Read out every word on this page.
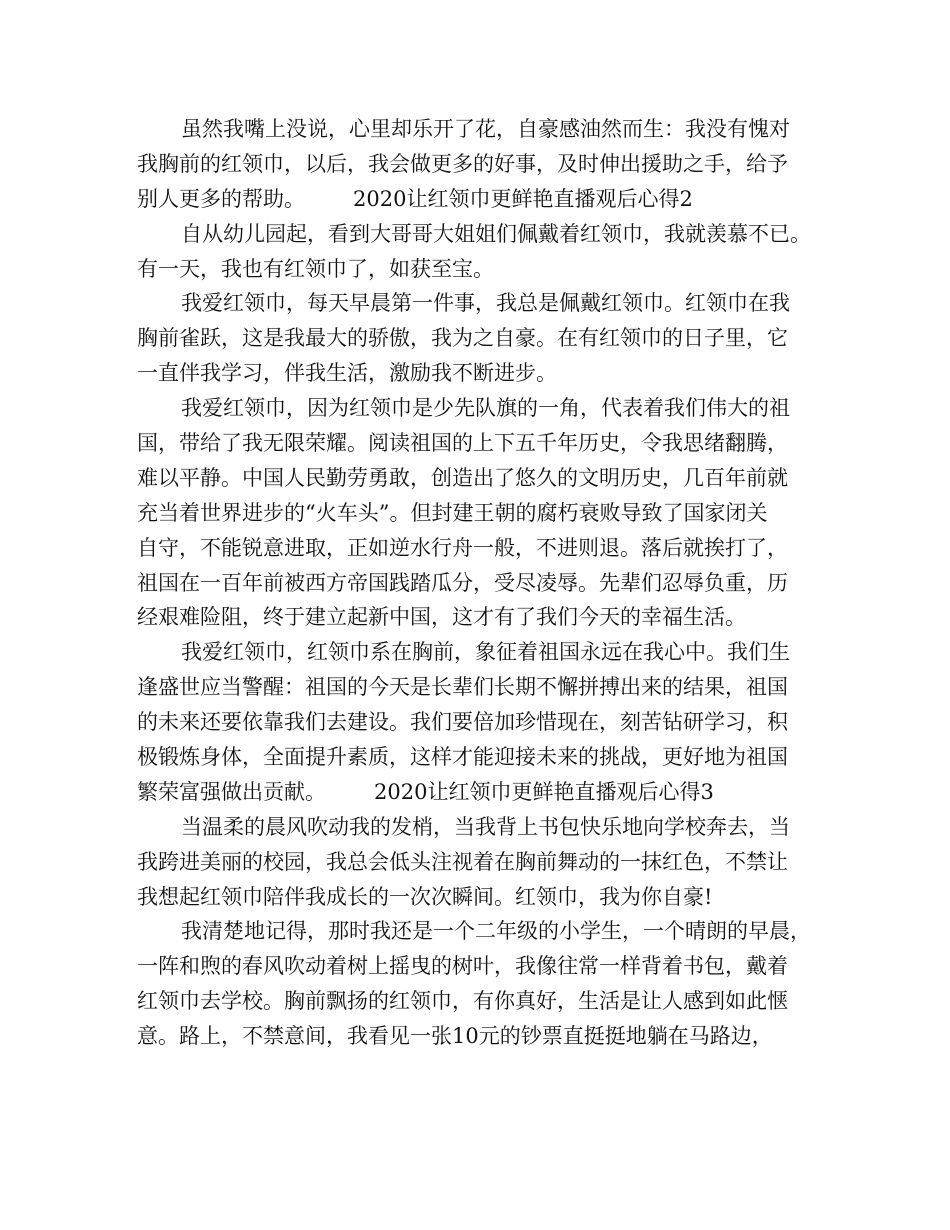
虽然我嘴上没说，心里却乐开了花，自豪感油然而生：我没有愧对
我胸前的红领巾，以后，我会做更多的好事，及时伸出援助之手，给予
别人更多的帮助。 2020让红领巾更鲜艳直播观后心得2
自从幼儿园起，看到大哥哥大姐姐们佩戴着红领巾，我就羡慕不已。
有一天，我也有红领巾了，如获至宝。
我爱红领巾，每天早晨第一件事，我总是佩戴红领巾。红领巾在我
胸前雀跃，这是我最大的骄傲，我为之自豪。在有红领巾的日子里，它
一直伴我学习，伴我生活，激励我不断进步。
我爱红领巾，因为红领巾是少先队旗的一角，代表着我们伟大的祖
国，带给了我无限荣耀。阅读祖国的上下五千年历史，令我思绪翻腾，
难以平静。中国人民勤劳勇敢，创造出了悠久的文明历史，几百年前就
充当着世界进步的“火车头”。但封建王朝的腐朽衰败导致了国家闭关
自守，不能锐意进取，正如逆水行舟一般，不进则退。落后就挨打了，
祖国在一百年前被西方帝国践踏瓜分，受尽凌辱。先辈们忍辱负重，历
经艰难险阻，终于建立起新中国，这才有了我们今天的幸福生活。
我爱红领巾，红领巾系在胸前，象征着祖国永远在我心中。我们生
逢盛世应当警醒：祖国的今天是长辈们长期不懈拼搏出来的结果，祖国
的未来还要依靠我们去建设。我们要倍加珍惜现在，刻苦钻研学习，积
极锻炼身体，全面提升素质，这样才能迎接未来的挑战，更好地为祖国
繁荣富强做出贡献。 2020让红领巾更鲜艳直播观后心得3
当温柔的晨风吹动我的发梢，当我背上书包快乐地向学校奔去，当
我跨进美丽的校园，我总会低头注视着在胸前舞动的一抹红色，不禁让
我想起红领巾陪伴我成长的一次次瞬间。红领巾，我为你自豪!
我清楚地记得，那时我还是一个二年级的小学生，一个晴朗的早晨，
一阵和煦的春风吹动着树上摇曳的树叶，我像往常一样背着书包，戴着
红领巾去学校。胸前飘扬的红领巾，有你真好，生活是让人感到如此惬
意。路上，不禁意间，我看见一张10元的钞票直挺挺地躺在马路边，
